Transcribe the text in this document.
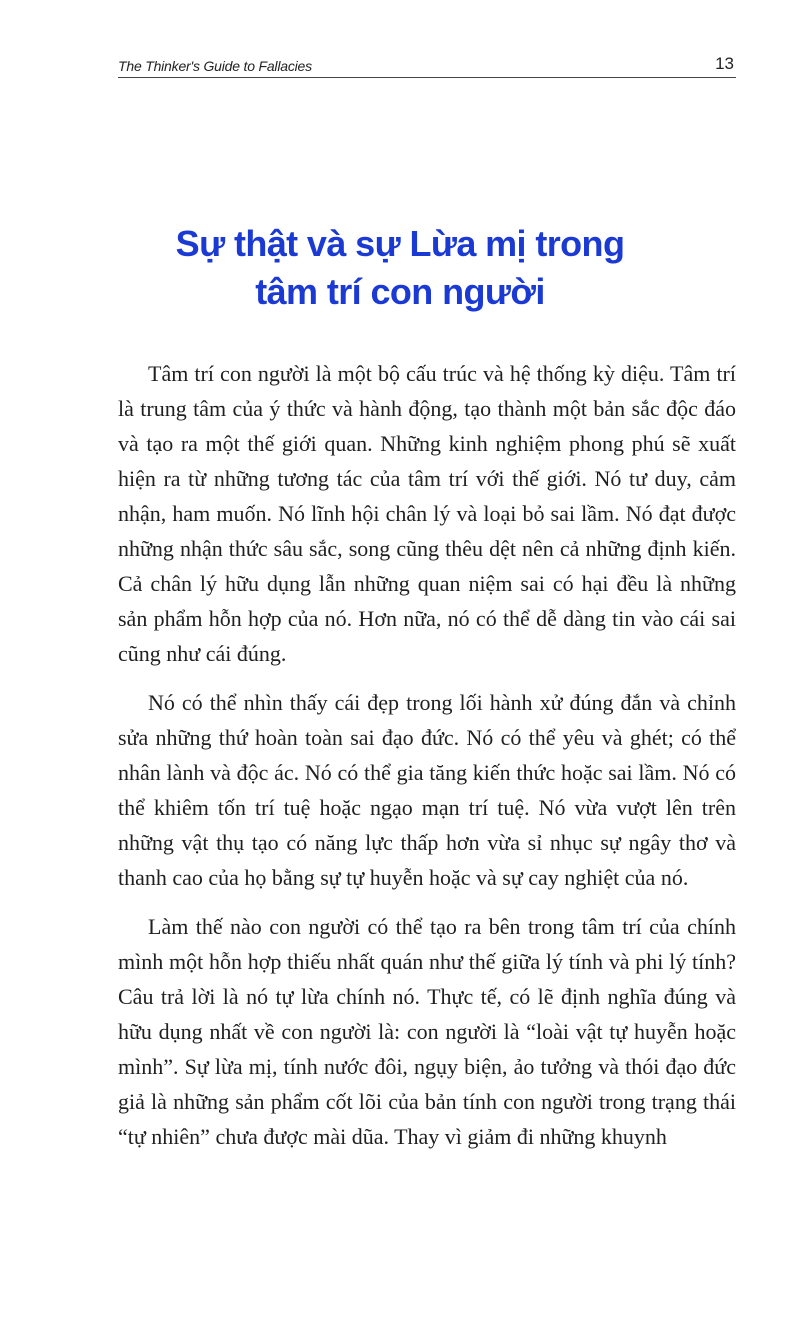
The Thinker's Guide to Fallacies	13
Sự thật và sự Lừa mị trong
tâm trí con người

Tâm trí con người là một bộ cấu trúc và hệ thống kỳ diệu. Tâm trí là trung tâm của ý thức và hành động, tạo thành một bản sắc độc đáo và tạo ra một thế giới quan. Những kinh nghiệm phong phú sẽ xuất hiện ra từ những tương tác của tâm trí với thế giới. Nó tư duy, cảm nhận, ham muốn. Nó lĩnh hội chân lý và loại bỏ sai lầm. Nó đạt được những nhận thức sâu sắc, song cũng thêu dệt nên cả những định kiến. Cả chân lý hữu dụng lẫn những quan niệm sai có hại đều là những sản phẩm hỗn hợp của nó. Hơn nữa, nó có thể dễ dàng tin vào cái sai cũng như cái đúng.

Nó có thể nhìn thấy cái đẹp trong lối hành xử đúng đắn và chỉnh sửa những thứ hoàn toàn sai đạo đức. Nó có thể yêu và ghét; có thể nhân lành và độc ác. Nó có thể gia tăng kiến thức hoặc sai lầm. Nó có thể khiêm tốn trí tuệ hoặc ngạo mạn trí tuệ. Nó vừa vượt lên trên những vật thụ tạo có năng lực thấp hơn vừa sỉ nhục sự ngây thơ và thanh cao của họ bằng sự tự huyễn hoặc và sự cay nghiệt của nó.

Làm thế nào con người có thể tạo ra bên trong tâm trí của chính mình một hỗn hợp thiếu nhất quán như thế giữa lý tính và phi lý tính? Câu trả lời là nó tự lừa chính nó. Thực tế, có lẽ định nghĩa đúng và hữu dụng nhất về con người là: con người là “loài vật tự huyễn hoặc mình”. Sự lừa mị, tính nước đôi, ngụy biện, ảo tưởng và thói đạo đức giả là những sản phẩm cốt lõi của bản tính con người trong trạng thái “tự nhiên” chưa được mài dũa. Thay vì giảm đi những khuynh
